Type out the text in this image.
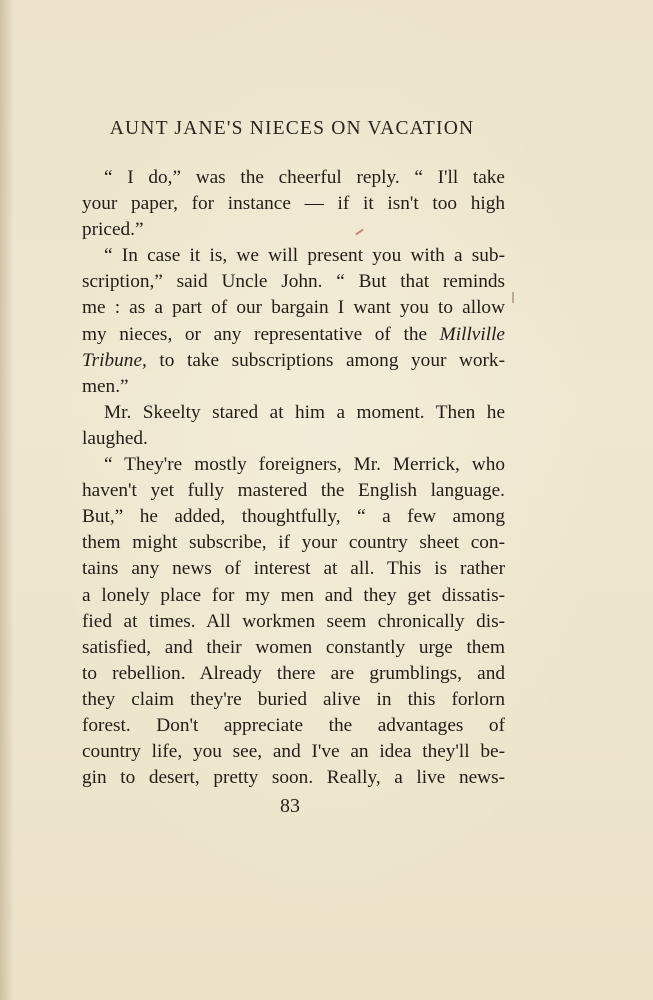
AUNT JANE'S NIECES ON VACATION
“ I do,” was the cheerful reply. “ I'll take
your paper, for instance — if it isn't too high
priced.”
“ In case it is, we will present you with a sub-
scription,” said Uncle John. “ But that reminds
me : as a part of our bargain I want you to allow
my nieces, or any representative of the Millville
Tribune, to take subscriptions among your work-
men.”
Mr. Skeelty stared at him a moment. Then he
laughed.
“ They're mostly foreigners, Mr. Merrick, who
haven't yet fully mastered the English language.
But,” he added, thoughtfully, “ a few among
them might subscribe, if your country sheet con-
tains any news of interest at all. This is rather
a lonely place for my men and they get dissatis-
fied at times. All workmen seem chronically dis-
satisfied, and their women constantly urge them
to rebellion. Already there are grumblings, and
they claim they're buried alive in this forlorn
forest. Don't appreciate the advantages of
country life, you see, and I've an idea they'll be-
gin to desert, pretty soon. Really, a live news-
83
